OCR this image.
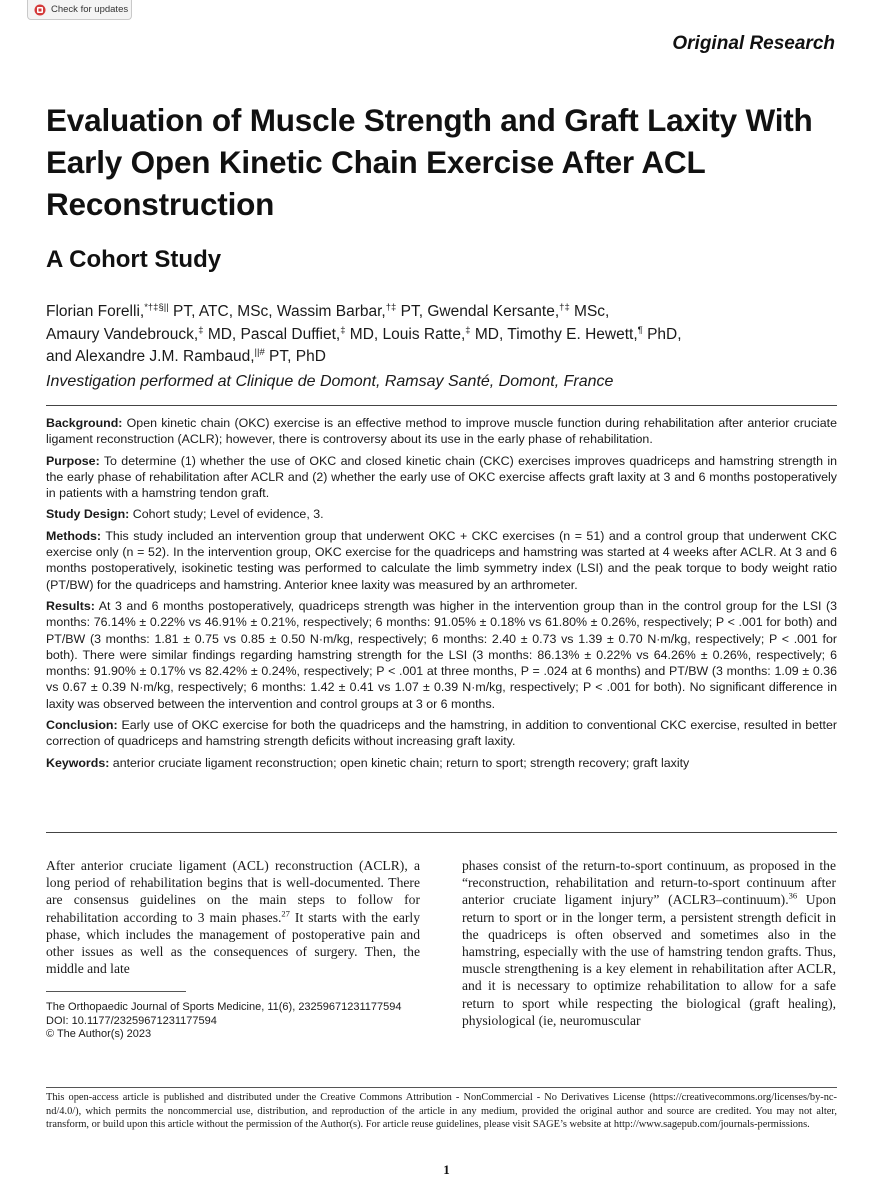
Check for updates
Original Research
Evaluation of Muscle Strength and Graft Laxity With Early Open Kinetic Chain Exercise After ACL Reconstruction
A Cohort Study
Florian Forelli,*†‡§|| PT, ATC, MSc, Wassim Barbar,†‡ PT, Gwendal Kersante,†‡ MSc,
Amaury Vandebrouck,‡ MD, Pascal Duffiet,‡ MD, Louis Ratte,‡ MD, Timothy E. Hewett,¶ PhD,
and Alexandre J.M. Rambaud,||# PT, PhD
Investigation performed at Clinique de Domont, Ramsay Santé, Domont, France

Background: Open kinetic chain (OKC) exercise is an effective method to improve muscle function during rehabilitation after anterior cruciate ligament reconstruction (ACLR); however, there is controversy about its use in the early phase of rehabilitation.

Purpose: To determine (1) whether the use of OKC and closed kinetic chain (CKC) exercises improves quadriceps and hamstring strength in the early phase of rehabilitation after ACLR and (2) whether the early use of OKC exercise affects graft laxity at 3 and 6 months postoperatively in patients with a hamstring tendon graft.

Study Design: Cohort study; Level of evidence, 3.

Methods: This study included an intervention group that underwent OKC + CKC exercises (n = 51) and a control group that underwent CKC exercise only (n = 52). In the intervention group, OKC exercise for the quadriceps and hamstring was started at 4 weeks after ACLR. At 3 and 6 months postoperatively, isokinetic testing was performed to calculate the limb symmetry index (LSI) and the peak torque to body weight ratio (PT/BW) for the quadriceps and hamstring. Anterior knee laxity was measured by an arthrometer.

Results: At 3 and 6 months postoperatively, quadriceps strength was higher in the intervention group than in the control group for the LSI (3 months: 76.14% ± 0.22% vs 46.91% ± 0.21%, respectively; 6 months: 91.05% ± 0.18% vs 61.80% ± 0.26%, respectively; P < .001 for both) and PT/BW (3 months: 1.81 ± 0.75 vs 0.85 ± 0.50 N·m/kg, respectively; 6 months: 2.40 ± 0.73 vs 1.39 ± 0.70 N·m/kg, respectively; P < .001 for both). There were similar findings regarding hamstring strength for the LSI (3 months: 86.13% ± 0.22% vs 64.26% ± 0.26%, respectively; 6 months: 91.90% ± 0.17% vs 82.42% ± 0.24%, respectively; P < .001 at three months, P = .024 at 6 months) and PT/BW (3 months: 1.09 ± 0.36 vs 0.67 ± 0.39 N·m/kg, respectively; 6 months: 1.42 ± 0.41 vs 1.07 ± 0.39 N·m/kg, respectively; P < .001 for both). No significant difference in laxity was observed between the intervention and control groups at 3 or 6 months.

Conclusion: Early use of OKC exercise for both the quadriceps and the hamstring, in addition to conventional CKC exercise, resulted in better correction of quadriceps and hamstring strength deficits without increasing graft laxity.

Keywords: anterior cruciate ligament reconstruction; open kinetic chain; return to sport; strength recovery; graft laxity

After anterior cruciate ligament (ACL) reconstruction (ACLR), a long period of rehabilitation begins that is well-documented. There are consensus guidelines on the main steps to follow for rehabilitation according to 3 main phases.$^{27}$ It starts with the early phase, which includes the management of postoperative pain and other issues as well as the consequences of surgery. Then, the middle and late
phases consist of the return-to-sport continuum, as proposed in the “reconstruction, rehabilitation and return-to-sport continuum after anterior cruciate ligament injury” (ACLR3–continuum).$^{36}$ Upon return to sport or in the longer term, a persistent strength deficit in the quadriceps is often observed and sometimes also in the hamstring, especially with the use of hamstring tendon grafts. Thus, muscle strengthening is a key element in rehabilitation after ACLR, and it is necessary to optimize rehabilitation to allow for a safe return to sport while respecting the biological (graft healing), physiological (ie, neuromuscular
The Orthopaedic Journal of Sports Medicine, 11(6), 23259671231177594
DOI: 10.1177/23259671231177594
© The Author(s) 2023
This open-access article is published and distributed under the Creative Commons Attribution - NonCommercial - No Derivatives License (https://creativecommons.org/licenses/by-nc-nd/4.0/), which permits the noncommercial use, distribution, and reproduction of the article in any medium, provided the original author and source are credited. You may not alter, transform, or build upon this article without the permission of the Author(s). For article reuse guidelines, please visit SAGE’s website at http://www.sagepub.com/journals-permissions.
1
